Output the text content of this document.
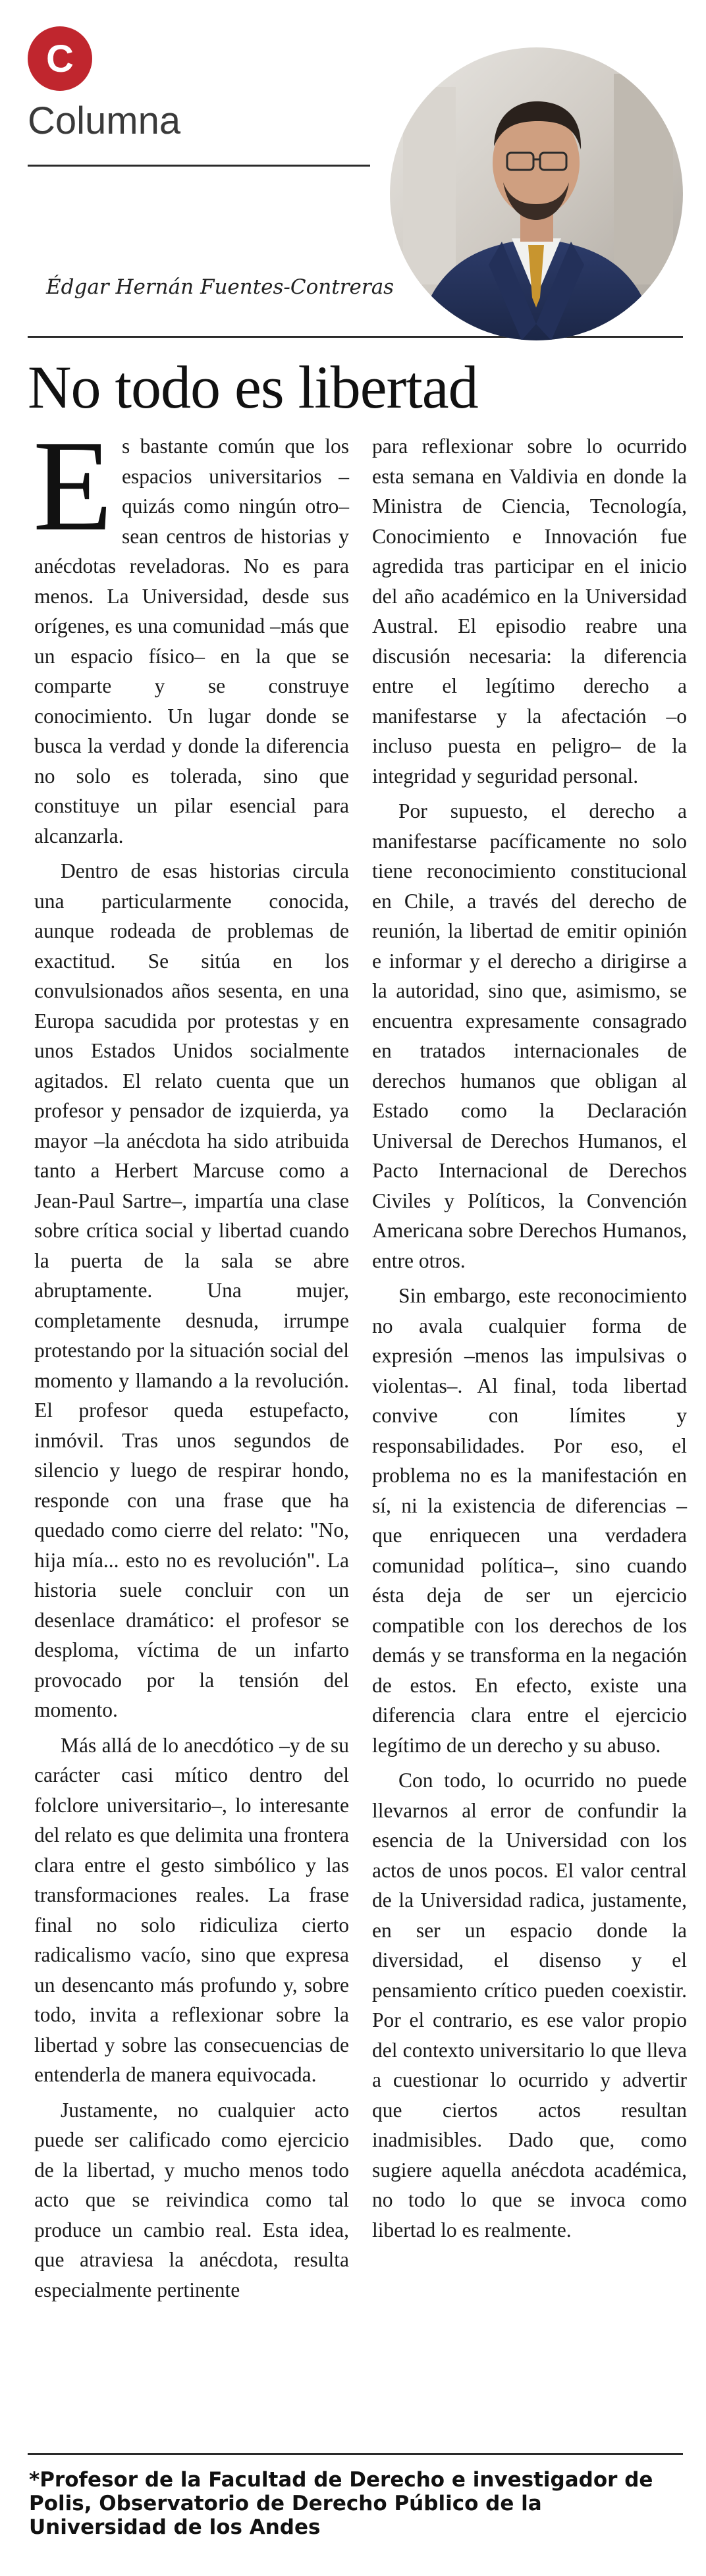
C
Columna
Édgar Hernán Fuentes-Contreras
No todo es libertad

Es bastante común que los espacios universitarios –quizás como ningún otro– sean centros de historias y anécdotas reveladoras. No es para menos. La Universidad, desde sus orígenes, es una comunidad –más que un espacio físico– en la que se comparte y se construye conocimiento. Un lugar donde se busca la verdad y donde la diferencia no solo es tolerada, sino que constituye un pilar esencial para alcanzarla.

Dentro de esas historias circula una particularmente conocida, aunque rodeada de problemas de exactitud. Se sitúa en los convulsionados años sesenta, en una Europa sacudida por protestas y en unos Estados Unidos socialmente agitados. El relato cuenta que un profesor y pensador de izquierda, ya mayor –la anécdota ha sido atribuida tanto a Herbert Marcuse como a Jean-Paul Sartre–, impartía una clase sobre crítica social y libertad cuando la puerta de la sala se abre abruptamente. Una mujer, completamente desnuda, irrumpe protestando por la situación social del momento y llamando a la revolución. El profesor queda estupefacto, inmóvil. Tras unos segundos de silencio y luego de respirar hondo, responde con una frase que ha quedado como cierre del relato: "No, hija mía... esto no es revolución". La historia suele concluir con un desenlace dramático: el profesor se desploma, víctima de un infarto provocado por la tensión del momento.

Más allá de lo anecdótico –y de su carácter casi mítico dentro del folclore universitario–, lo interesante del relato es que delimita una frontera clara entre el gesto simbólico y las transformaciones reales. La frase final no solo ridiculiza cierto radicalismo vacío, sino que expresa un desencanto más profundo y, sobre todo, invita a reflexionar sobre la libertad y sobre las consecuencias de entenderla de manera equivocada.

Justamente, no cualquier acto puede ser calificado como ejercicio de la libertad, y mucho menos todo acto que se reivindica como tal produce un cambio real. Esta idea, que atraviesa la anécdota, resulta especialmente pertinente

para reflexionar sobre lo ocurrido esta semana en Valdivia en donde la Ministra de Ciencia, Tecnología, Conocimiento e Innovación fue agredida tras participar en el inicio del año académico en la Universidad Austral. El episodio reabre una discusión necesaria: la diferencia entre el legítimo derecho a manifestarse y la afectación –o incluso puesta en peligro– de la integridad y seguridad personal.

Por supuesto, el derecho a manifestarse pacíficamente no solo tiene reconocimiento constitucional en Chile, a través del derecho de reunión, la libertad de emitir opinión e informar y el derecho a dirigirse a la autoridad, sino que, asimismo, se encuentra expresamente consagrado en tratados internacionales de derechos humanos que obligan al Estado como la Declaración Universal de Derechos Humanos, el Pacto Internacional de Derechos Civiles y Políticos, la Convención Americana sobre Derechos Humanos, entre otros.

Sin embargo, este reconocimiento no avala cualquier forma de expresión –menos las impulsivas o violentas–. Al final, toda libertad convive con límites y responsabilidades. Por eso, el problema no es la manifestación en sí, ni la existencia de diferencias –que enriquecen una verdadera comunidad política–, sino cuando ésta deja de ser un ejercicio compatible con los derechos de los demás y se transforma en la negación de estos. En efecto, existe una diferencia clara entre el ejercicio legítimo de un derecho y su abuso.

Con todo, lo ocurrido no puede llevarnos al error de confundir la esencia de la Universidad con los actos de unos pocos. El valor central de la Universidad radica, justamente, en ser un espacio donde la diversidad, el disenso y el pensamiento crítico pueden coexistir. Por el contrario, es ese valor propio del contexto universitario lo que lleva a cuestionar lo ocurrido y advertir que ciertos actos resultan inadmisibles. Dado que, como sugiere aquella anécdota académica, no todo lo que se invoca como libertad lo es realmente.

*Profesor de la Facultad de Derecho e investigador de Polis, Observatorio de Derecho Público de la Universidad de los Andes
